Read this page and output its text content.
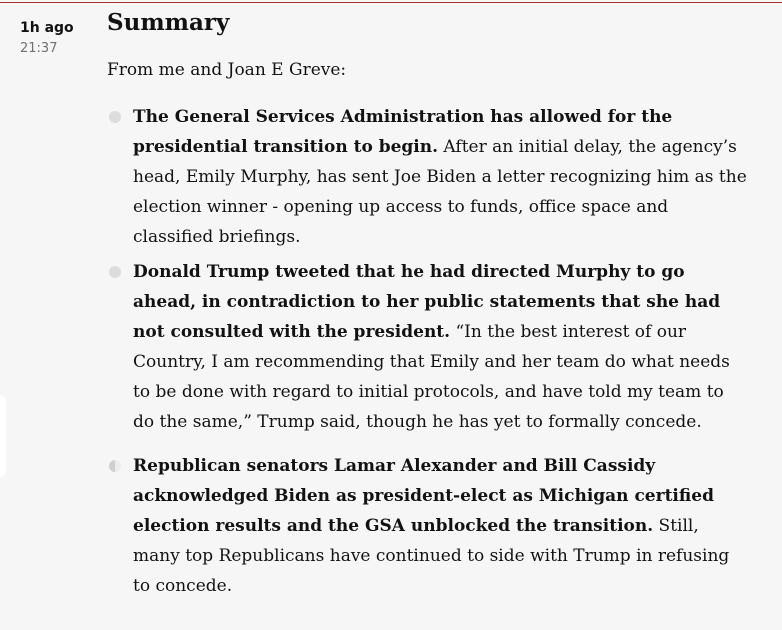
1h ago
21:37
Summary

From me and Joan E Greve:

The General Services Administration has allowed for the presidential transition to begin. After an initial delay, the agency’s head, Emily Murphy, has sent Joe Biden a letter recognizing him as the election winner - opening up access to funds, office space and classified briefings.
Donald Trump tweeted that he had directed Murphy to go ahead, in contradiction to her public statements that she had not consulted with the president. “In the best interest of our Country, I am recommending that Emily and her team do what needs to be done with regard to initial protocols, and have told my team to do the same,” Trump said, though he has yet to formally concede.
Republican senators Lamar Alexander and Bill Cassidy acknowledged Biden as president-elect as Michigan certified election results and the GSA unblocked the transition. Still, many top Republicans have continued to side with Trump in refusing to concede.
